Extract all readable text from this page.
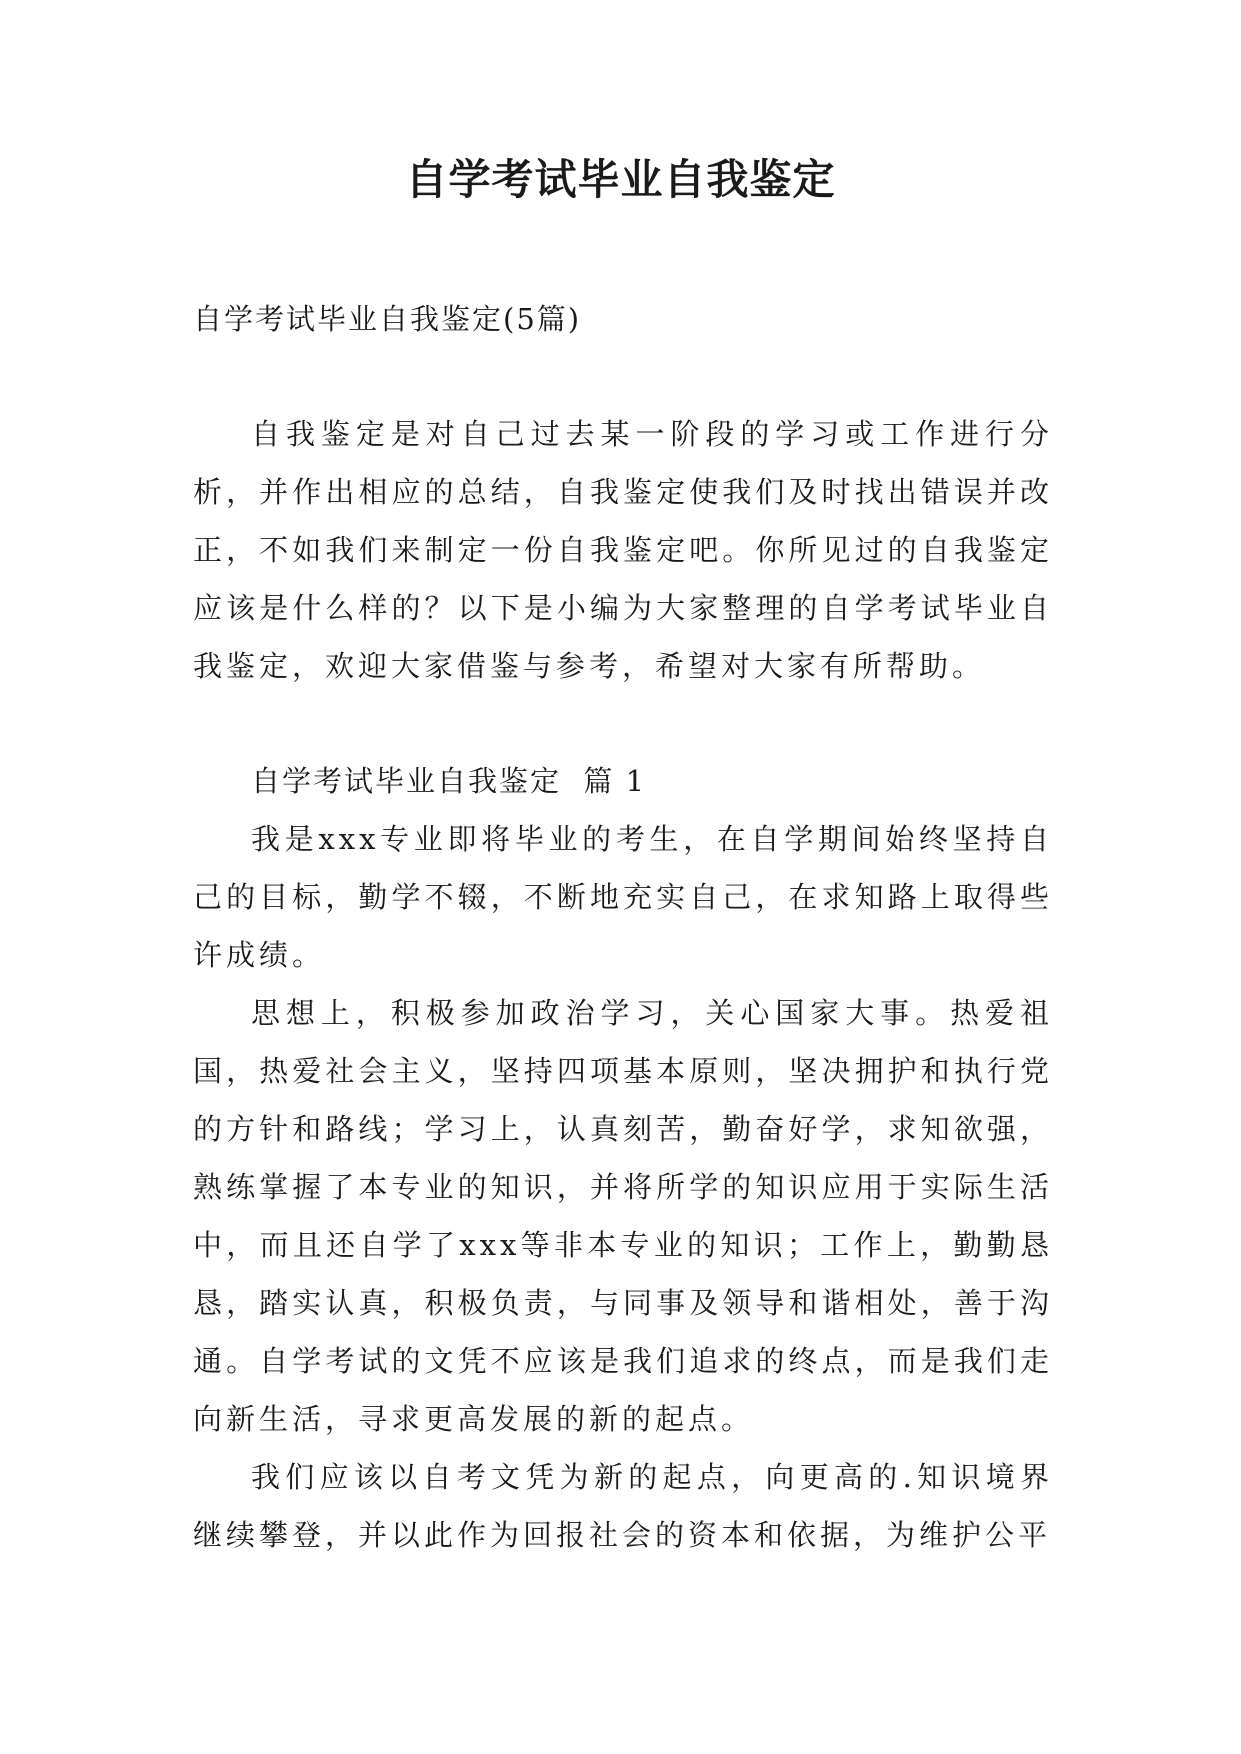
自学考试毕业自我鉴定

自学考试毕业自我鉴定(5篇)

自我鉴定是对自己过去某一阶段的学习或工作进行分析，并作出相应的总结，自我鉴定使我们及时找出错误并改正，不如我们来制定一份自我鉴定吧。你所见过的自我鉴定应该是什么样的？以下是小编为大家整理的自学考试毕业自我鉴定，欢迎大家借鉴与参考，希望对大家有所帮助。

自学考试毕业自我鉴定  篇 1

我是xxx专业即将毕业的考生，在自学期间始终坚持自己的目标，勤学不辍，不断地充实自己，在求知路上取得些许成绩。

思想上，积极参加政治学习，关心国家大事。热爱祖国，热爱社会主义，坚持四项基本原则，坚决拥护和执行党的方针和路线；学习上，认真刻苦，勤奋好学，求知欲强，熟练掌握了本专业的知识，并将所学的知识应用于实际生活中，而且还自学了xxx等非本专业的知识；工作上，勤勤恳恳，踏实认真，积极负责，与同事及领导和谐相处，善于沟通。自学考试的文凭不应该是我们追求的终点，而是我们走向新生活，寻求更高发展的新的起点。

我们应该以自考文凭为新的起点，向更高的.知识境界继续攀登，并以此作为回报社会的资本和依据，为维护公平
